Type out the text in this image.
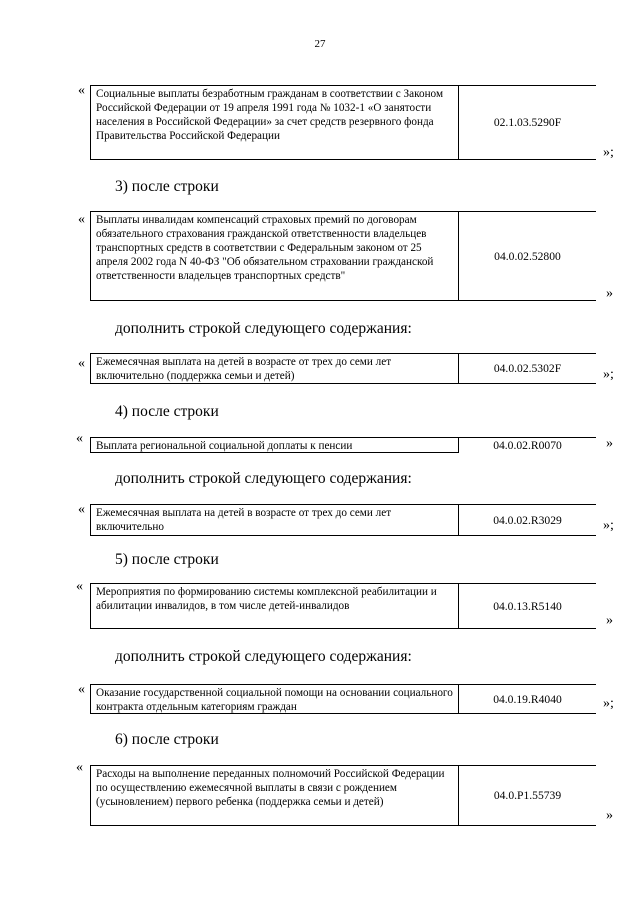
27
« Социальные выплаты безработным гражданам в соответствии с Законом Российской Федерации от 19 апреля 1991 года № 1032-1 «О занятости населения в Российской Федерации» за счет средств резервного фонда Правительства Российской Федерации
02.1.03.5290F
»;
3) после строки
« Выплаты инвалидам компенсаций страховых премий по договорам обязательного страхования гражданской ответственности владельцев транспортных средств в соответствии с Федеральным законом от 25 апреля 2002 года N 40-ФЗ "Об обязательном страховании гражданской ответственности владельцев транспортных средств"
04.0.02.52800
»
дополнить строкой следующего содержания:
« Ежемесячная выплата на детей в возрасте от трех до семи лет включительно (поддержка семьи и детей)
04.0.02.5302F	»;
4) после строки
«	Выплата региональной социальной доплаты к пенсии	04.0.02.R0070	»
дополнить строкой следующего содержания:
« Ежемесячная выплата на детей в возрасте от трех до семи лет включительно
04.0.02.R3029	»;
5) после строки
«	Мероприятия по формированию системы комплексной реабилитации и абилитации инвалидов, в том числе детей-инвалидов	04.0.13.R5140
»
дополнить строкой следующего содержания:
« Оказание государственной социальной помощи на основании социального контракта отдельным категориям граждан
04.0.19.R4040	»;
6) после строки
«	Расходы на выполнение переданных полномочий Российской Федерации по осуществлению ежемесячной выплаты в связи с рождением (усыновлением) первого ребенка (поддержка семьи и детей)	04.0.P1.55739
»
